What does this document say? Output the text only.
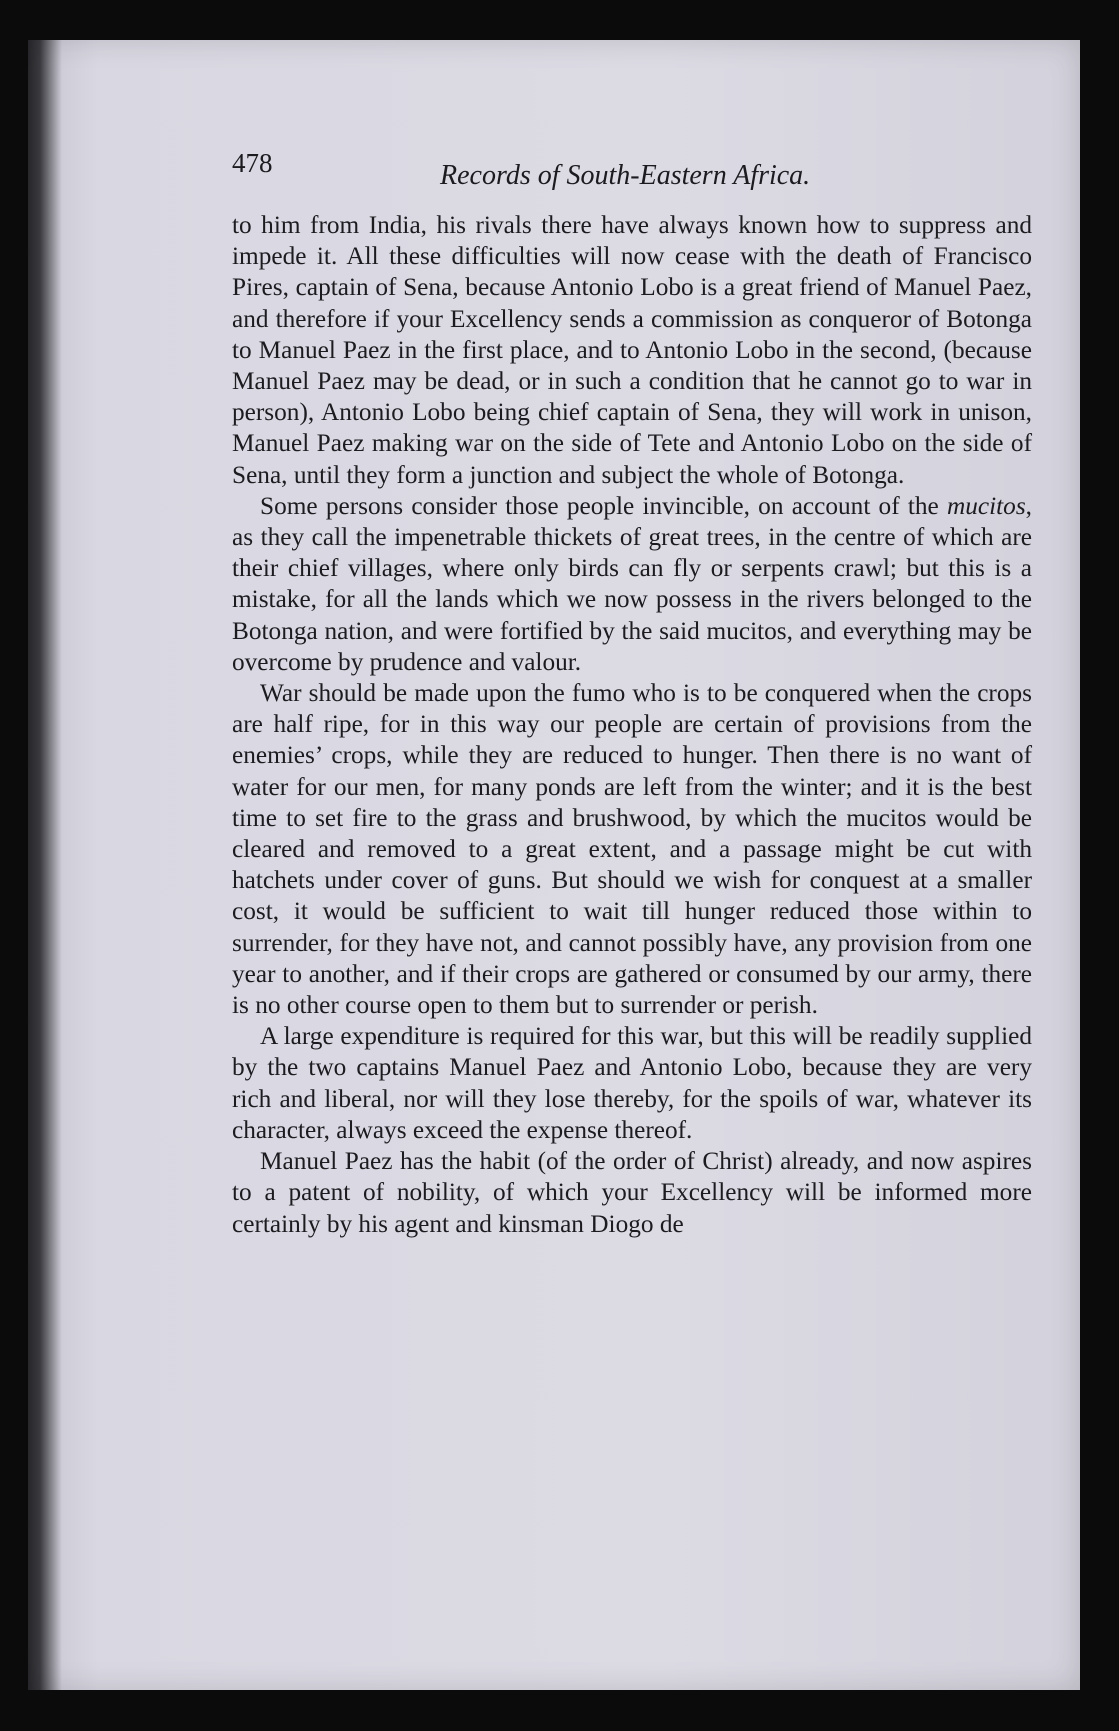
478	Records of South-Eastern Africa.

to him from India, his rivals there have always known how to suppress and impede it. All these difficulties will now cease with the death of Francisco Pires, captain of Sena, because Antonio Lobo is a great friend of Manuel Paez, and therefore if your Excellency sends a commission as conqueror of Botonga to Manuel Paez in the first place, and to Antonio Lobo in the second, (because Manuel Paez may be dead, or in such a condition that he cannot go to war in person), Antonio Lobo being chief captain of Sena, they will work in unison, Manuel Paez making war on the side of Tete and Antonio Lobo on the side of Sena, until they form a junction and subject the whole of Botonga.

Some persons consider those people invincible, on account of the mucitos, as they call the impenetrable thickets of great trees, in the centre of which are their chief villages, where only birds can fly or serpents crawl; but this is a mistake, for all the lands which we now possess in the rivers belonged to the Botonga nation, and were fortified by the said mucitos, and everything may be overcome by prudence and valour.

War should be made upon the fumo who is to be conquered when the crops are half ripe, for in this way our people are certain of provisions from the enemies’ crops, while they are reduced to hunger. Then there is no want of water for our men, for many ponds are left from the winter; and it is the best time to set fire to the grass and brushwood, by which the mucitos would be cleared and removed to a great extent, and a passage might be cut with hatchets under cover of guns. But should we wish for conquest at a smaller cost, it would be sufficient to wait till hunger reduced those within to surrender, for they have not, and cannot possibly have, any provision from one year to another, and if their crops are gathered or consumed by our army, there is no other course open to them but to surrender or perish.

A large expenditure is required for this war, but this will be readily supplied by the two captains Manuel Paez and Antonio Lobo, because they are very rich and liberal, nor will they lose thereby, for the spoils of war, whatever its character, always exceed the expense thereof.

Manuel Paez has the habit (of the order of Christ) already, and now aspires to a patent of nobility, of which your Excellency will be informed more certainly by his agent and kinsman Diogo de
